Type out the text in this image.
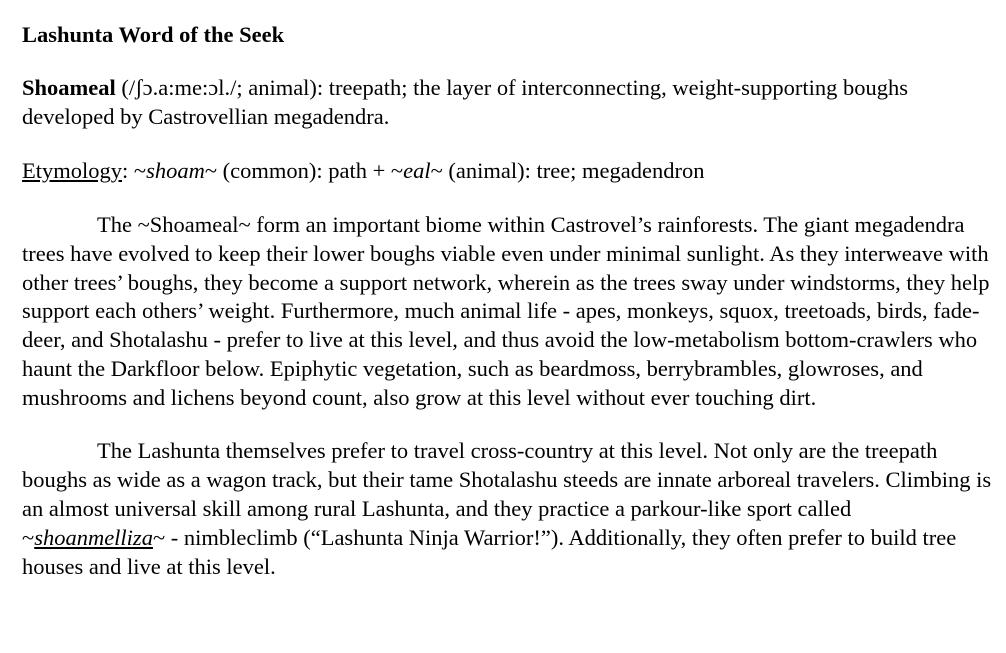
Lashunta Word of the Seek

Shoameal (/ʃɔ.a:me:ɔl./; animal): treepath; the layer of interconnecting, weight-supporting boughs developed by Castrovellian megadendra.

Etymology: ~shoam~ (common): path + ~eal~ (animal): tree; megadendron

The ~Shoameal~ form an important biome within Castrovel’s rainforests. The giant megadendra trees have evolved to keep their lower boughs viable even under minimal sunlight. As they interweave with other trees’ boughs, they become a support network, wherein as the trees sway under windstorms, they help support each others’ weight. Furthermore, much animal life - apes, monkeys, squox, treetoads, birds, fade-deer, and Shotalashu - prefer to live at this level, and thus avoid the low-metabolism bottom-crawlers who haunt the Darkfloor below. Epiphytic vegetation, such as beardmoss, berrybrambles, glowroses, and mushrooms and lichens beyond count, also grow at this level without ever touching dirt.

The Lashunta themselves prefer to travel cross-country at this level. Not only are the treepath boughs as wide as a wagon track, but their tame Shotalashu steeds are innate arboreal travelers. Climbing is an almost universal skill among rural Lashunta, and they practice a parkour-like sport called ~shoanmelliza~ - nimbleclimb (“Lashunta Ninja Warrior!”). Additionally, they often prefer to build tree houses and live at this level.
